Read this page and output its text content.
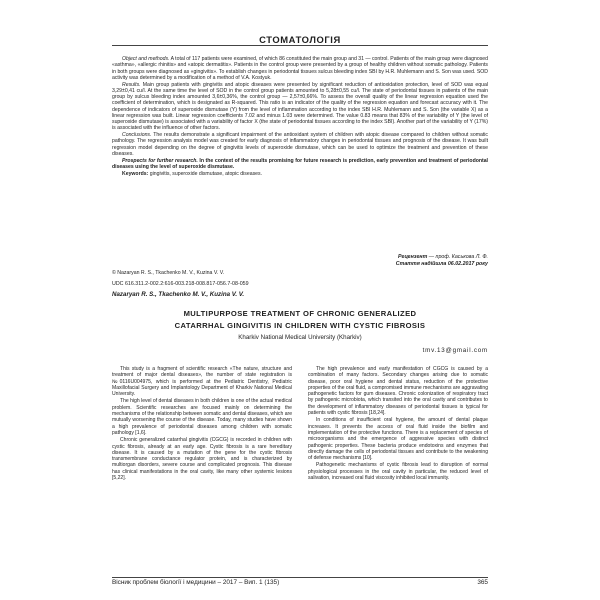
СТОМАТОЛОГІЯ

Object and methods. A total of 117 patients were examined, of which 86 constituted the main group and 31 — control. Patients of the main group were diagnosed «asthma», «allergic rhinitis» and «atopic dermatitis». Patients in the control group were presented by a group of healthy children without somatic pathology. Patients in both groups were diagnosed as «gingivitis». To establish changes in periodontal tissues sulcus bleeding index SBI by H.R. Muhlemann and S. Son was used. SOD activity was determined by a modification of a method of V.A. Kostyuk.

Results. Main group patients with gingivitis and atopic diseases were presented by significant reduction of antioxidation protection, level of SOD was equal 3,29±0,41 cu/l. At the same time the level of SOD in the control group patients amounted to 5,28±0,55 cu/l. The state of periodontal tissues in patients of the main group by sulcus bleeding index amounted 3,6±0,36%, the control group — 2,57±0,66%. To assess the overall quality of the linear regression equation used the coefficient of determination, which is designated as R-squared. This ratio is an indicator of the quality of the regression equation and forecast accuracy with it. The dependence of indicators of superoxide dismutase (Y) from the level of inflammation according to the index SBI H.R. Muhlemann and S. Son (the variable X) as a linear regression was built. Linear regression coefficients 7.02 and minus 1.03 were determined. The value 0.83 means that 83% of the variability of Y (the level of superoxide dismutase) is associated with a variability of factor X (the state of periodontal tissues according to the index SBI). Another part of the variability of Y (17%) is associated with the influence of other factors.

Conclusions. The results demonstrate a significant impairment of the antioxidant system of children with atopic disease compared to children without somatic pathology. The regression analysis model was created for early diagnosis of inflammatory changes in periodontal tissues and prognosis of the disease. It was built regression model depending on the degree of gingivitis levels of superoxide dismutase, which can be used to optimize the treatment and prevention of these diseases.

Prospects for further research. In the context of the results promising for future research is prediction, early prevention and treatment of periodontal diseases using the level of superoxide dismutase.

Keywords: gingivitis, superoxide dismutase, atopic diseases.

Рецензент — проф. Каськова Л. Ф.
Стаття надійшла 06.02.2017 року
© Nazaryan R. S., Tkachenko M. V., Kuzina V. V.
UDC 616.311.2-002.2:616-003.218-008.817-056.7-08-059
Nazaryan R. S., Tkachenko M. V., Kuzina V. V.
MULTIPURPOSE TREATMENT OF CHRONIC GENERALIZED
CATARRHAL GINGIVITIS IN CHILDREN WITH CYSTIC FIBROSIS
Kharkiv National Medical University (Kharkiv)
tmv.13@gmail.com

This study is a fragment of scientific research «The nature, structure and treatment of major dental diseases», the number of state registration is №0116U004975, which is performed at the Pediatric Dentistry, Pediatric Maxillofacial Surgery and Implantology Department of Kharkiv National Medical University.

The high level of dental diseases in both children is one of the actual medical problem. Scientific researches are focused mainly on determining the mechanisms of the relationship between somatic and dental diseases, which are mutually worsening the course of the disease. Today, many studies have shown a high prevalence of periodontal diseases among children with somatic pathology [1,6].

Chronic generalized catarrhal gingivitis (CGCG) is recorded in children with cystic fibrosis, already at an early age. Cystic fibrosis is a rare hereditary disease. It is caused by a mutation of the gene for the cystic fibrosis transmembrane conductance regulator protein, and is characterized by multiorgan disorders, severe course and complicated prognosis. This disease has clinical manifestations in the oral cavity, like many other systemic lesions [5,22].

The high prevalence and early manifestation of CGCG is caused by a combination of many factors. Secondary changes arising due to somatic disease, poor oral hygiene and dental status, reduction of the protective properties of the oral fluid, a compromised immune mechanisms are aggravating pathogenetic factors for gum diseases. Chronic colonization of respiratory tract by pathogenic microbiota, which transited into the oral cavity and contributes to the development of inflammatory diseases of periodontal tissues is typical for patients with cystic fibrosis [18,24].

In conditions of insufficient oral hygiene, the amount of dental plaque increases. It prevents the access of oral fluid inside the biofilm and implementation of the protective functions. There is a replacement of species of microorganisms and the emergence of aggressive species with distinct pathogenic properties. These bacteria produce endotoxins and enzymes that directly damage the cells of periodontal tissues and contribute to the weakening of defense mechanisms [10].

Pathogenetic mechanisms of cystic fibrosis lead to disruption of normal physiological processes in the oral cavity in particular, the reduced level of salivation, increased oral fluid viscosity inhibited local immunity.

Вісник проблем біології і медицини – 2017 – Вип. 1 (135)	365
